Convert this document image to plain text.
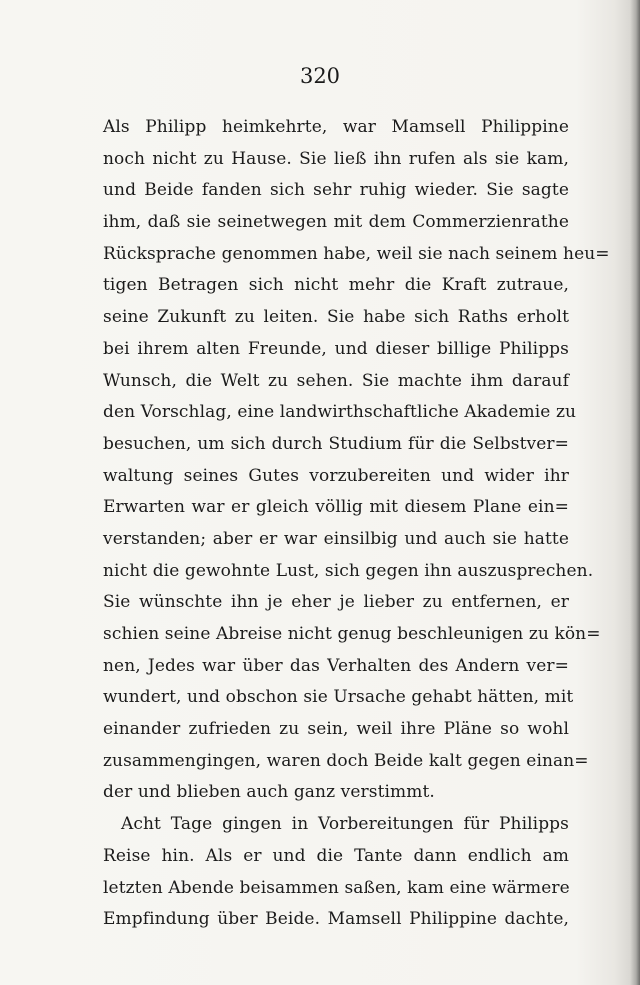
320
Als Philipp heimkehrte, war Mamsell Philippine
noch nicht zu Hause. Sie ließ ihn rufen als sie kam,
und Beide fanden sich sehr ruhig wieder. Sie sagte
ihm, daß sie seinetwegen mit dem Commerzienrathe
Rücksprache genommen habe, weil sie nach seinem heu=
tigen Betragen sich nicht mehr die Kraft zutraue,
seine Zukunft zu leiten. Sie habe sich Raths erholt
bei ihrem alten Freunde, und dieser billige Philipps
Wunsch, die Welt zu sehen. Sie machte ihm darauf
den Vorschlag, eine landwirthschaftliche Akademie zu
besuchen, um sich durch Studium für die Selbstver=
waltung seines Gutes vorzubereiten und wider ihr
Erwarten war er gleich völlig mit diesem Plane ein=
verstanden; aber er war einsilbig und auch sie hatte
nicht die gewohnte Lust, sich gegen ihn auszusprechen.
Sie wünschte ihn je eher je lieber zu entfernen, er
schien seine Abreise nicht genug beschleunigen zu kön=
nen, Jedes war über das Verhalten des Andern ver=
wundert, und obschon sie Ursache gehabt hätten, mit
einander zufrieden zu sein, weil ihre Pläne so wohl
zusammengingen, waren doch Beide kalt gegen einan=
der und blieben auch ganz verstimmt.
Acht Tage gingen in Vorbereitungen für Philipps
Reise hin. Als er und die Tante dann endlich am
letzten Abende beisammen saßen, kam eine wärmere
Empfindung über Beide. Mamsell Philippine dachte,
